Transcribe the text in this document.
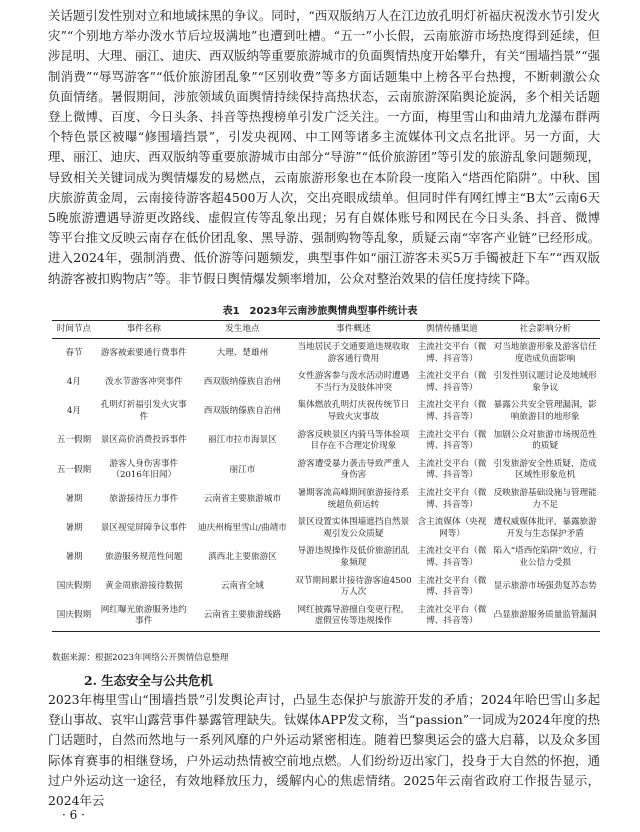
关话题引发性别对立和地域抹黑的争议。同时，“西双版纳万人在江边放孔明灯祈福庆祝泼水节引发火灾”“个别地方举办泼水节后垃圾满地”也遭到吐槽。“五一”小长假，云南旅游市场热度得到延续，但涉昆明、大理、丽江、迪庆、西双版纳等重要旅游城市的负面舆情热度开始攀升，有关“围墙挡景”“强制消费”“辱骂游客”“低价旅游团乱象”“区别收费”等多方面话题集中上榜各平台热搜，不断刺激公众负面情绪。暑假期间，涉旅领域负面舆情持续保持高热状态，云南旅游深陷舆论旋涡，多个相关话题登上微博、百度、今日头条、抖音等热搜榜单引发广泛关注。一方面，梅里雪山和曲靖九龙瀑布群两个特色景区被曝“修围墙挡景”，引发央视网、中工网等诸多主流媒体刊文点名批评。另一方面，大理、丽江、迪庆、西双版纳等重要旅游城市由部分“导游”“低价旅游团”等引发的旅游乱象问题频现，导致相关关键词成为舆情爆发的易燃点，云南旅游形象也在本阶段一度陷入“塔西佗陷阱”。中秋、国庆旅游黄金周，云南接待游客超4500万人次，交出亮眼成绩单。但同时伴有网红博主“B太”云南6天5晚旅游遭遇导游更改路线、虚假宣传等乱象出现；另有自媒体账号和网民在今日头条、抖音、微博等平台推文反映云南存在低价团乱象、黑导游、强制购物等乱象，质疑云南“宰客产业链”已经形成。进入2024年，强制消费、低价游等问题频发，典型事件如“丽江游客未买5万手镯被赶下车”“西双版纳游客被扣购物店”等。非节假日舆情爆发频率增加，公众对整治效果的信任度持续下降。

表1　2023年云南涉旅舆情典型事件统计表
时间节点	事件名称	发生地点	事件概述	舆情传播渠道	社会影响分析
春节	游客被索要通行费事件	大理、楚雄州	当地居民于交通要道违规收取游客通行费用	主流社交平台（微博、抖音等）	对当地旅游形象及游客信任度造成负面影响
4月	泼水节游客冲突事件	西双版纳傣族自治州	女性游客参与泼水活动时遭遇不当行为及肢体冲突	主流社交平台（微博、抖音等）	引发性别议题讨论及地域形象争议
4月	孔明灯祈福引发火灾事件	西双版纳傣族自治州	集体燃放孔明灯庆祝传统节日导致火灾事故	主流社交平台（微博、抖音等）	暴露公共安全管理漏洞，影响旅游目的地形象
五一假期	景区高价消费投诉事件	丽江市拉市海景区	游客反映景区内骑马等体验项目存在不合理定价现象	主流社交平台（微博、抖音等）	加剧公众对旅游市场规范性的质疑
五一假期	游客人身伤害事件（2016年旧闻）	丽江市	游客遭受暴力袭击导致严重人身伤害	主流社交平台（微博、抖音等）	引发旅游安全性质疑，造成区域性形象危机
暑期	旅游接待压力事件	云南省主要旅游城市	暑期客流高峰期间旅游接待系统超负荷运转	主流社交平台（微博、抖音等）	反映旅游基础设施与管理能力不足
暑期	景区视觉屏障争议事件	迪庆州梅里雪山/曲靖市	景区设置实体围墙遮挡自然景观引发公众质疑	含主流媒体（央视网等）	遭权威媒体批评，暴露旅游开发与生态保护矛盾
暑期	旅游服务规范性问题	滇西北主要旅游区	导游违规操作及低价旅游团乱象频现	主流社交平台（微博、抖音等）	陷入“塔西佗陷阱”效应，行业公信力受损
国庆假期	黄金周旅游接待数据	云南省全域	双节期间累计接待游客逾4500万人次	主流社交平台（微博、抖音等）	显示旅游市场强劲复苏态势
国庆假期	网红曝光旅游服务违约事件	云南省主要旅游线路	网红披露导游擅自变更行程，虚假宣传等违规操作	主流社交平台（微博、抖音等）	凸显旅游服务质量监管漏洞
数据来源：根据2023年网络公开舆情信息整理
2. 生态安全与公共危机

2023年梅里雪山“围墙挡景”引发舆论声讨，凸显生态保护与旅游开发的矛盾；2024年哈巴雪山多起登山事故、哀牢山露营事件暴露管理缺失。钛媒体APP发文称，当“passion”一词成为2024年度的热门话题时，自然而然地与一系列风靡的户外运动紧密相连。随着巴黎奥运会的盛大启幕，以及众多国际体育赛事的相继登场，户外运动热情被空前地点燃。人们纷纷迈出家门，投身于大自然的怀抱，通过户外运动这一途径，有效地释放压力，缓解内心的焦虑情绪。2025年云南省政府工作报告显示，2024年云

· 6 ·
